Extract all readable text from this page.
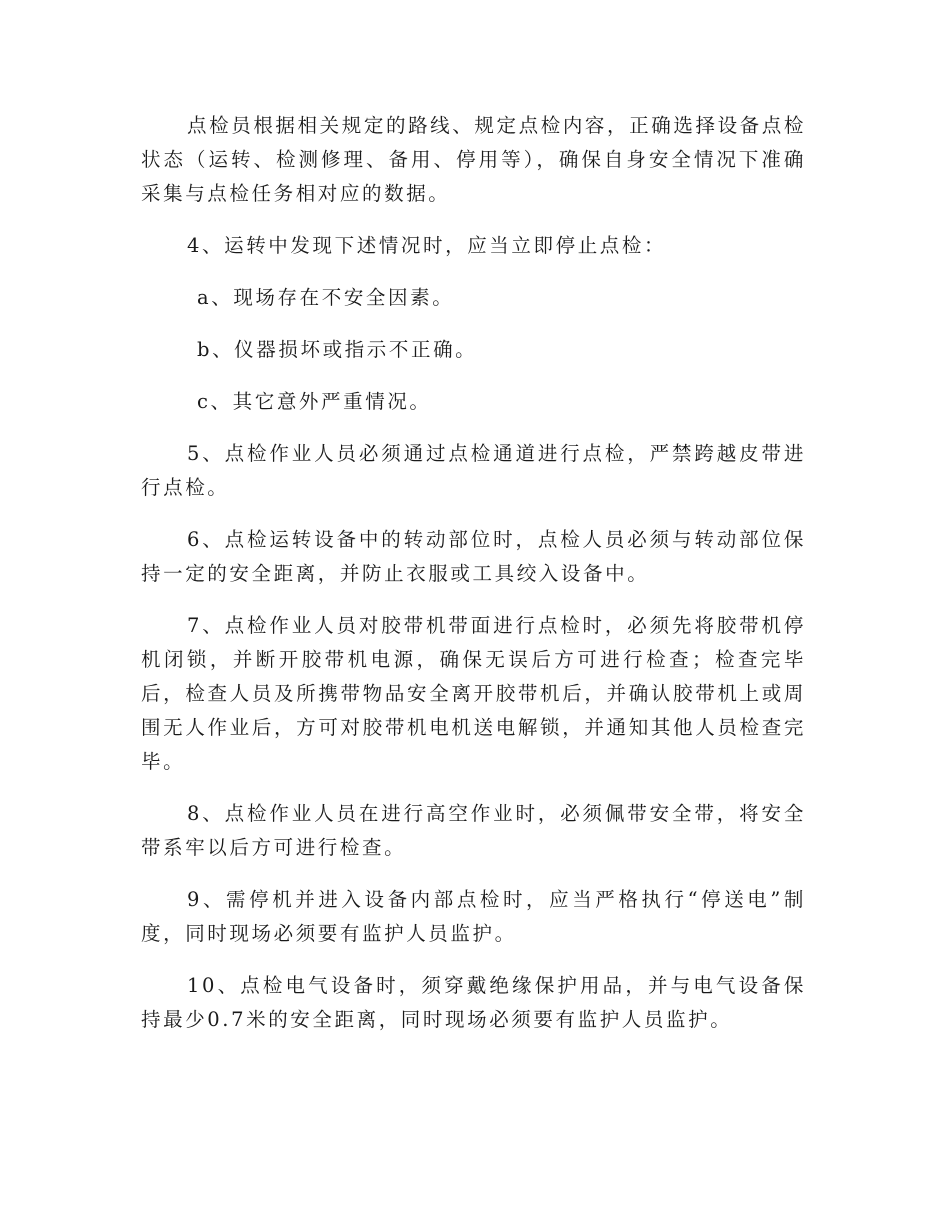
点检员根据相关规定的路线、规定点检内容，正确选择设备点检状态（运转、检测修理、备用、停用等），确保自身安全情况下准确采集与点检任务相对应的数据。

4、运转中发现下述情况时，应当立即停止点检：

a、现场存在不安全因素。

b、仪器损坏或指示不正确。

c、其它意外严重情况。

5、点检作业人员必须通过点检通道进行点检，严禁跨越皮带进行点检。

6、点检运转设备中的转动部位时，点检人员必须与转动部位保持一定的安全距离，并防止衣服或工具绞入设备中。

7、点检作业人员对胶带机带面进行点检时，必须先将胶带机停机闭锁，并断开胶带机电源，确保无误后方可进行检查；检查完毕后，检查人员及所携带物品安全离开胶带机后，并确认胶带机上或周围无人作业后，方可对胶带机电机送电解锁，并通知其他人员检查完毕。

8、点检作业人员在进行高空作业时，必须佩带安全带，将安全带系牢以后方可进行检查。

9、需停机并进入设备内部点检时，应当严格执行“停送电”制度，同时现场必须要有监护人员监护。

10、点检电气设备时，须穿戴绝缘保护用品，并与电气设备保持最少0.7米的安全距离，同时现场必须要有监护人员监护。
